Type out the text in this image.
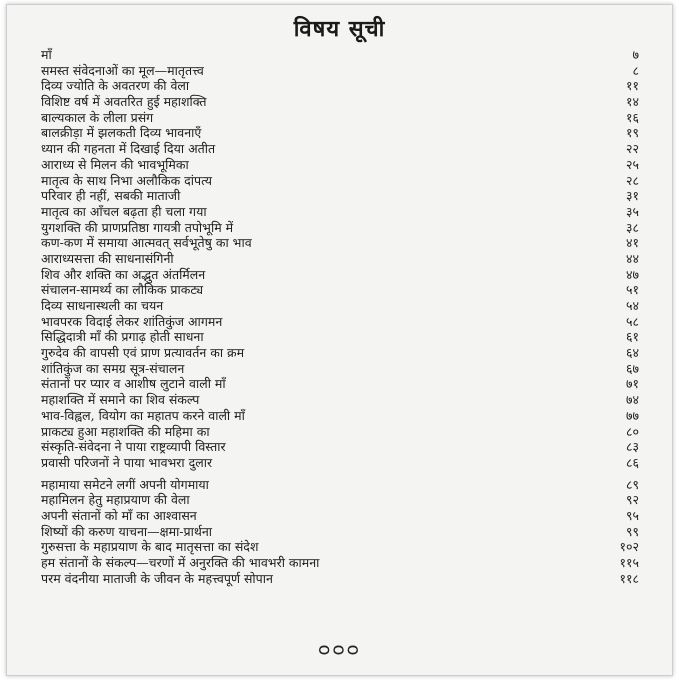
विषय सूची
माँ	७
समस्त संवेदनाओं का मूल—मातृतत्त्व	८
दिव्य ज्योति के अवतरण की वेला	११
विशिष्ट वर्ष में अवतरित हुई महाशक्ति	१४
बाल्यकाल के लीला प्रसंग	१६
बालक्रीड़ा में झलकती दिव्य भावनाएँ	१९
ध्यान की गहनता में दिखाई दिया अतीत	२२
आराध्य से मिलन की भावभूमिका	२५
मातृत्व के साथ निभा अलौकिक दांपत्य	२८
परिवार ही नहीं, सबकी माताजी	३१
मातृत्व का आँचल बढ़ता ही चला गया	३५
युगशक्ति की प्राणप्रतिष्ठा गायत्री तपोभूमि में	३८
कण-कण में समाया आत्मवत् सर्वभूतेषु का भाव	४१
आराध्यसत्ता की साधनासंगिनी	४४
शिव और शक्ति का अद्भुत अंतर्मिलन	४७
संचालन-सामर्थ्य का लौकिक प्राकट्य	५१
दिव्य साधनास्थली का चयन	५४
भावपरक विदाई लेकर शांतिकुंज आगमन	५८
सिद्धिदात्री माँ की प्रगाढ़ होती साधना	६१
गुरुदेव की वापसी एवं प्राण प्रत्यावर्तन का क्रम	६४
शांतिकुंज का समग्र सूत्र-संचालन	६७
संतानों पर प्यार व आशीष लुटाने वाली माँ	७१
महाशक्ति में समाने का शिव संकल्प	७४
भाव-विह्वल, वियोग का महातप करने वाली माँ	७७
प्राकट्य हुआ महाशक्ति की महिमा का	८०
संस्कृति-संवेदना ने पाया राष्ट्रव्यापी विस्तार	८३
प्रवासी परिजनों ने पाया भावभरा दुलार	८६
महामाया समेटने लगीं अपनी योगमाया	८९
महामिलन हेतु महाप्रयाण की वेला	९२
अपनी संतानों को माँ का आश्वासन	९५
शिष्यों की करुण याचना—क्षमा-प्रार्थना	९९
गुरुसत्ता के महाप्रयाण के बाद मातृसत्ता का संदेश	१०२
हम संतानों के संकल्प—चरणों में अनुरक्ति की भावभरी कामना	११५
परम वंदनीया माताजी के जीवन के महत्त्वपूर्ण सोपान	११८
ᴑᴑᴑ
